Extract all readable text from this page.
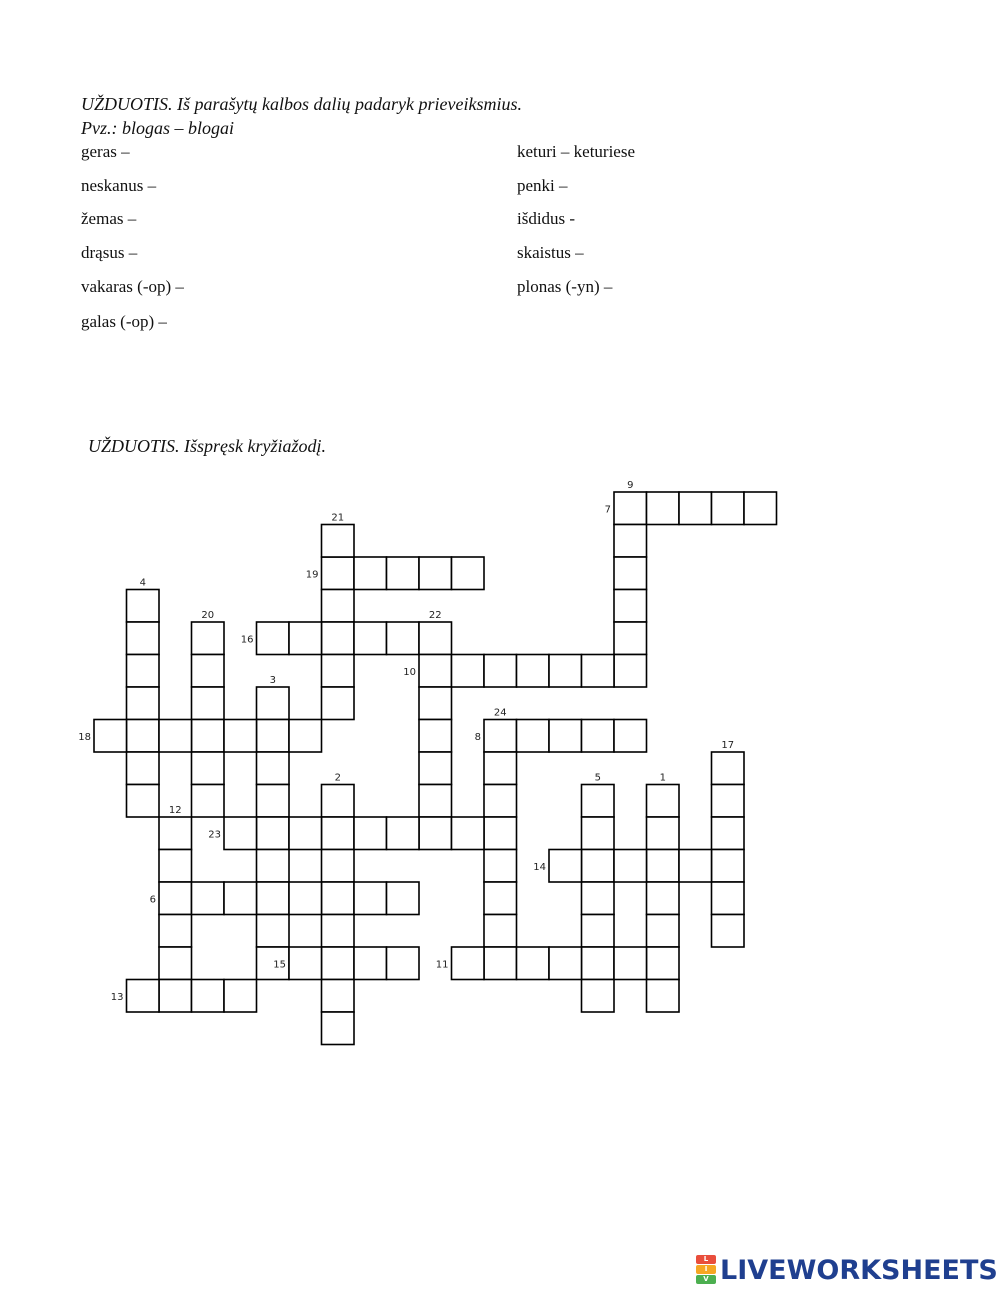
UŽDUOTIS. Iš parašytų kalbos dalių padaryk prieveiksmius.
Pvz.: blogas – blogai
geras –
neskanus –
žemas –
drąsus –
vakaras (-op) –
galas (-op) –
keturi – keturiese
penki –
išdidus -
skaistus –
plonas (-yn) –
UŽDUOTIS. Išspręsk kryžiažodį.
7
9
19
21
16
22
10
4
20
3
18	8
24
2	5	1
17
12
23
14
6
15	11
13
L
I
V LIVEWORKSHEETS
